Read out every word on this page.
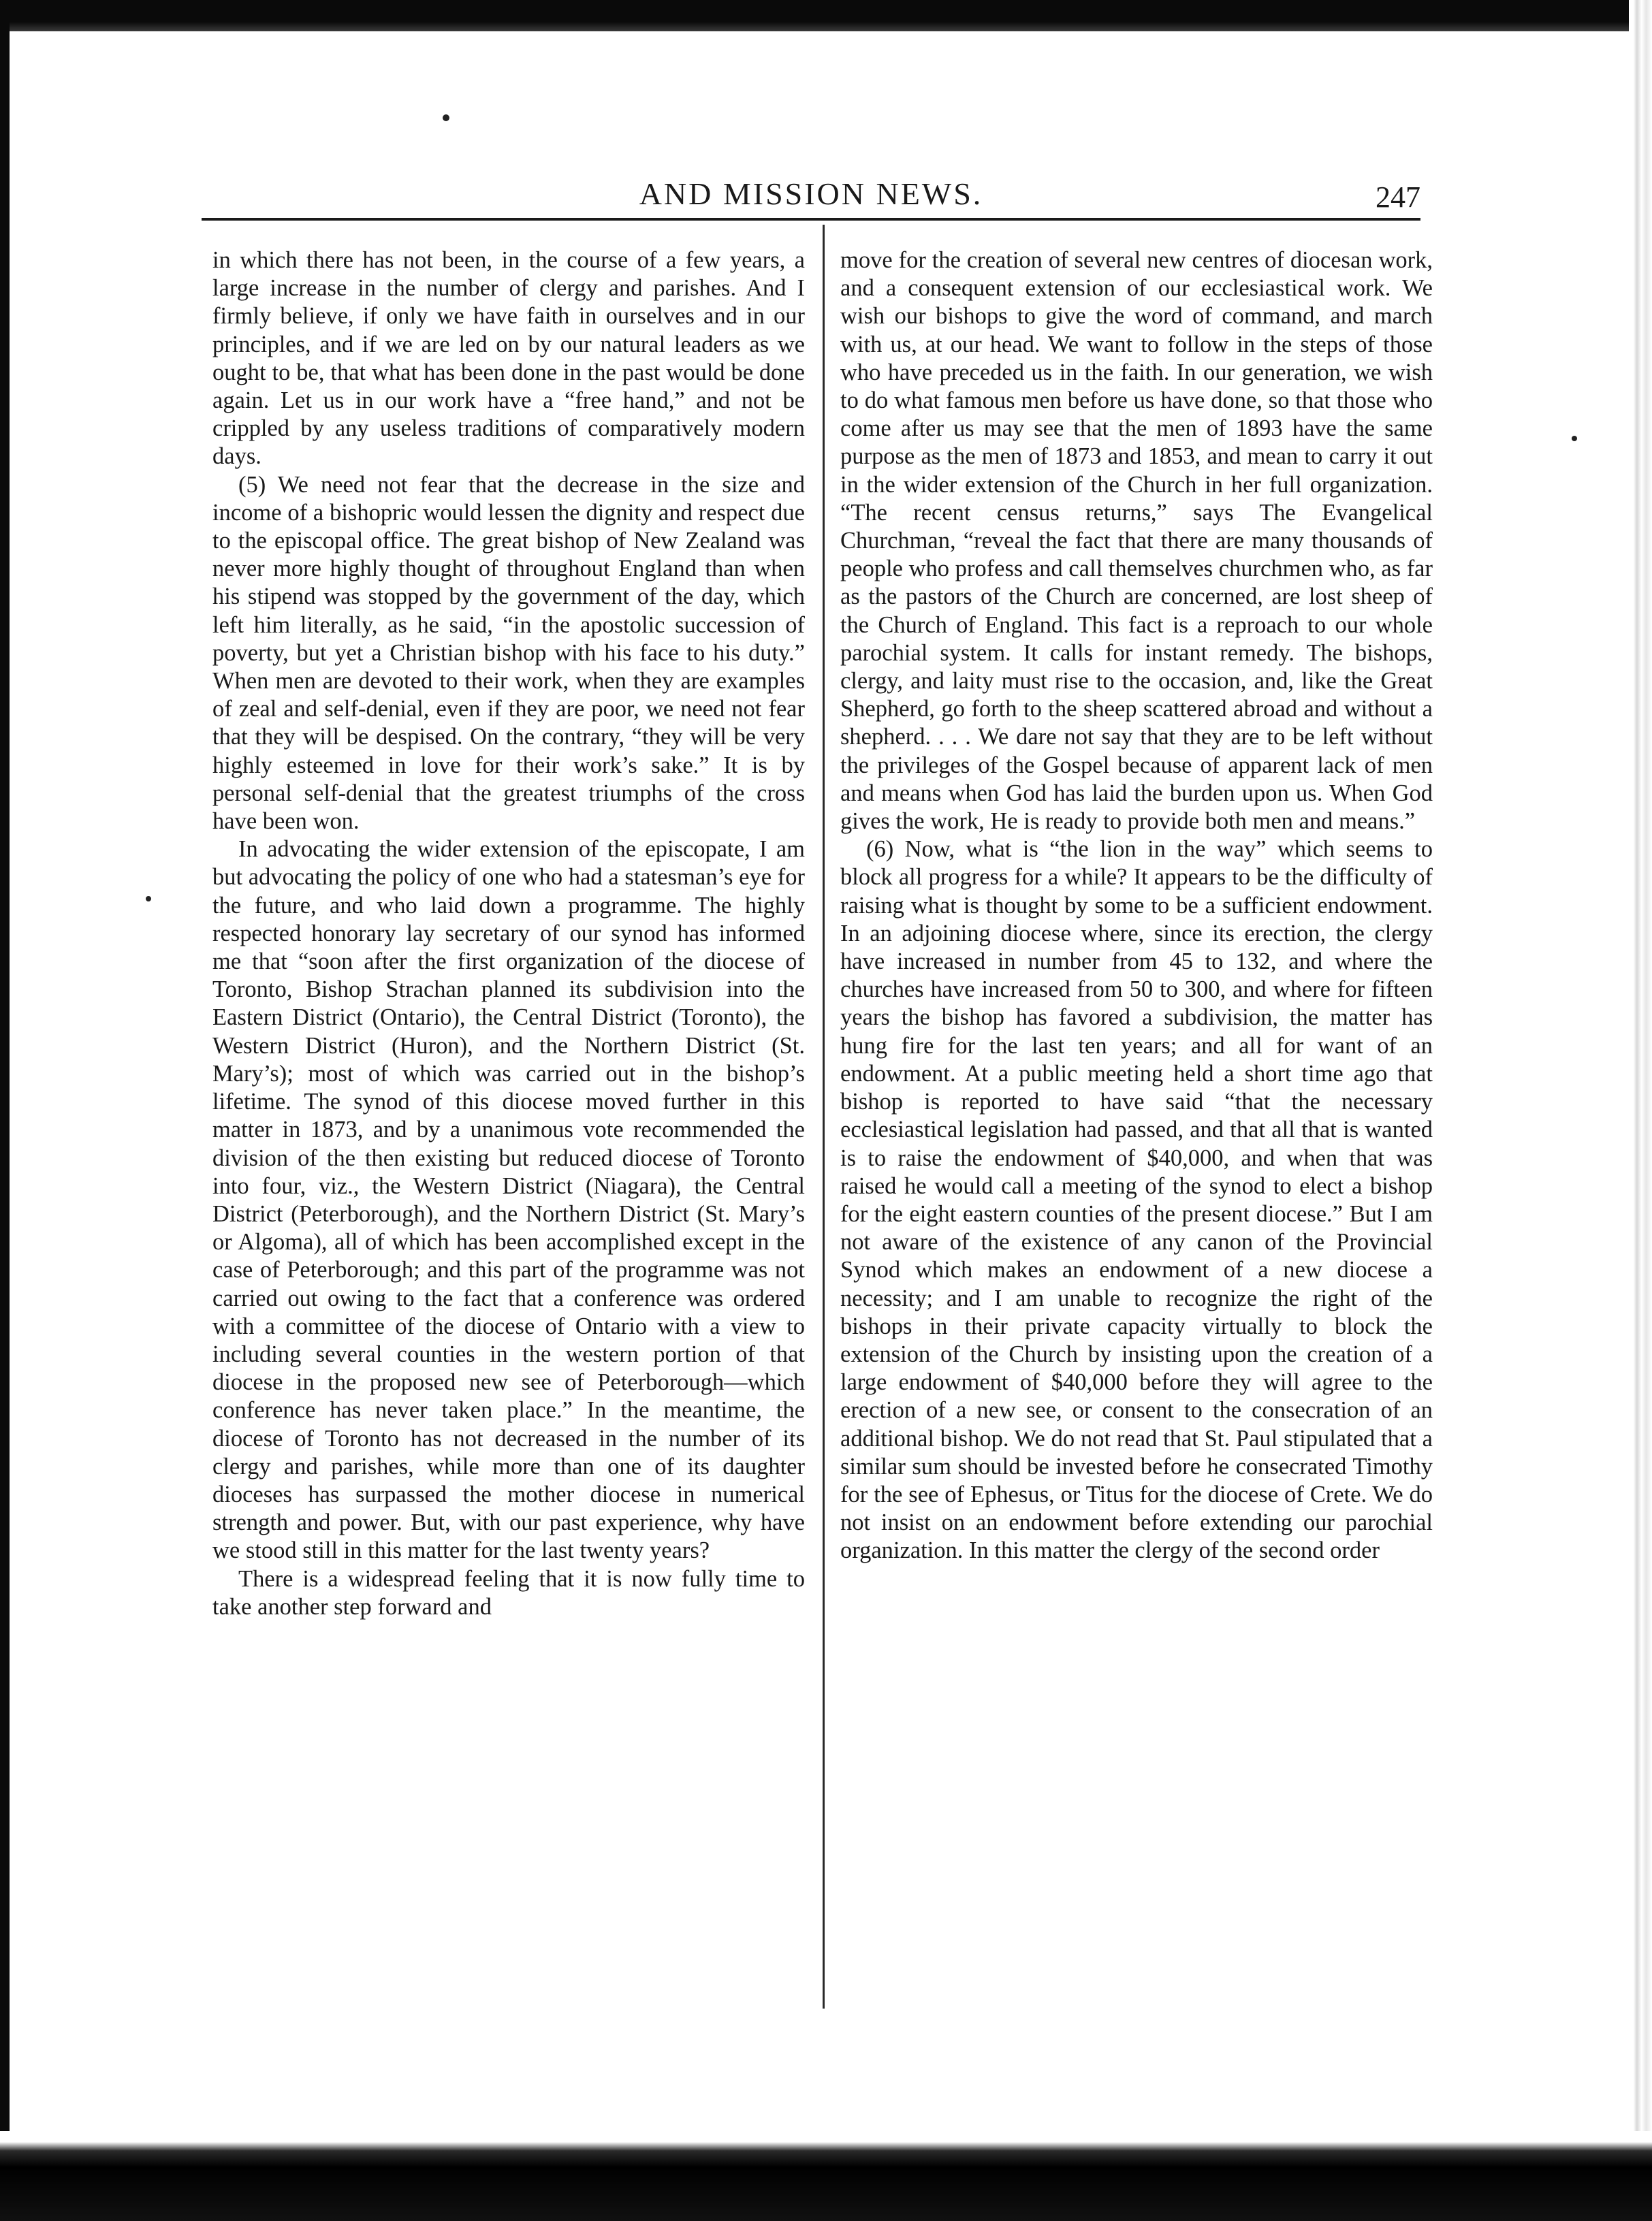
AND MISSION NEWS.	247

in which there has not been, in the course of a few years, a large increase in the number of clergy and parishes. And I firmly believe, if only we have faith in ourselves and in our principles, and if we are led on by our natural leaders as we ought to be, that what has been done in the past would be done again. Let us in our work have a “free hand,” and not be crippled by any useless traditions of comparatively modern days.

(5) We need not fear that the decrease in the size and income of a bishopric would lessen the dignity and respect due to the episcopal office. The great bishop of New Zealand was never more highly thought of throughout England than when his stipend was stopped by the government of the day, which left him literally, as he said, “in the apostolic succession of poverty, but yet a Christian bishop with his face to his duty.” When men are devoted to their work, when they are examples of zeal and self-denial, even if they are poor, we need not fear that they will be despised. On the contrary, “they will be very highly esteemed in love for their work’s sake.” It is by personal self-denial that the greatest triumphs of the cross have been won.

In advocating the wider extension of the episcopate, I am but advocating the policy of one who had a statesman’s eye for the future, and who laid down a programme. The highly respected honorary lay secretary of our synod has informed me that “soon after the first organization of the diocese of Toronto, Bishop Strachan planned its subdivision into the Eastern District (Ontario), the Central District (Toronto), the Western District (Huron), and the Northern District (St. Mary’s); most of which was carried out in the bishop’s lifetime. The synod of this diocese moved further in this matter in 1873, and by a unanimous vote recommended the division of the then existing but reduced diocese of Toronto into four, viz., the Western District (Niagara), the Central District (Peterborough), and the Northern District (St. Mary’s or Algoma), all of which has been accomplished except in the case of Peterborough; and this part of the programme was not carried out owing to the fact that a conference was ordered with a committee of the diocese of Ontario with a view to including several counties in the western portion of that diocese in the proposed new see of Peterborough—which conference has never taken place.” In the meantime, the diocese of Toronto has not decreased in the number of its clergy and parishes, while more than one of its daughter dioceses has surpassed the mother diocese in numerical strength and power. But, with our past experience, why have we stood still in this matter for the last twenty years?

There is a widespread feeling that it is now fully time to take another step forward and

move for the creation of several new centres of diocesan work, and a consequent extension of our ecclesiastical work. We wish our bishops to give the word of command, and march with us, at our head. We want to follow in the steps of those who have preceded us in the faith. In our generation, we wish to do what famous men before us have done, so that those who come after us may see that the men of 1893 have the same purpose as the men of 1873 and 1853, and mean to carry it out in the wider extension of the Church in her full organization. “The recent census returns,” says The Evangelical Churchman, “reveal the fact that there are many thousands of people who profess and call themselves churchmen who, as far as the pastors of the Church are concerned, are lost sheep of the Church of England. This fact is a reproach to our whole parochial system. It calls for instant remedy. The bishops, clergy, and laity must rise to the occasion, and, like the Great Shepherd, go forth to the sheep scattered abroad and without a shepherd. . . . We dare not say that they are to be left without the privileges of the Gospel because of apparent lack of men and means when God has laid the burden upon us. When God gives the work, He is ready to provide both men and means.”

(6) Now, what is “the lion in the way” which seems to block all progress for a while? It appears to be the difficulty of raising what is thought by some to be a sufficient endowment. In an adjoining diocese where, since its erection, the clergy have increased in number from 45 to 132, and where the churches have increased from 50 to 300, and where for fifteen years the bishop has favored a subdivision, the matter has hung fire for the last ten years; and all for want of an endowment. At a public meeting held a short time ago that bishop is reported to have said “that the necessary ecclesiastical legislation had passed, and that all that is wanted is to raise the endowment of $40,000, and when that was raised he would call a meeting of the synod to elect a bishop for the eight eastern counties of the present diocese.” But I am not aware of the existence of any canon of the Provincial Synod which makes an endowment of a new diocese a necessity; and I am unable to recognize the right of the bishops in their private capacity virtually to block the extension of the Church by insisting upon the creation of a large endowment of $40,000 before they will agree to the erection of a new see, or consent to the consecration of an additional bishop. We do not read that St. Paul stipulated that a similar sum should be invested before he consecrated Timothy for the see of Ephesus, or Titus for the diocese of Crete. We do not insist on an endowment before extending our parochial organization. In this matter the clergy of the second order
